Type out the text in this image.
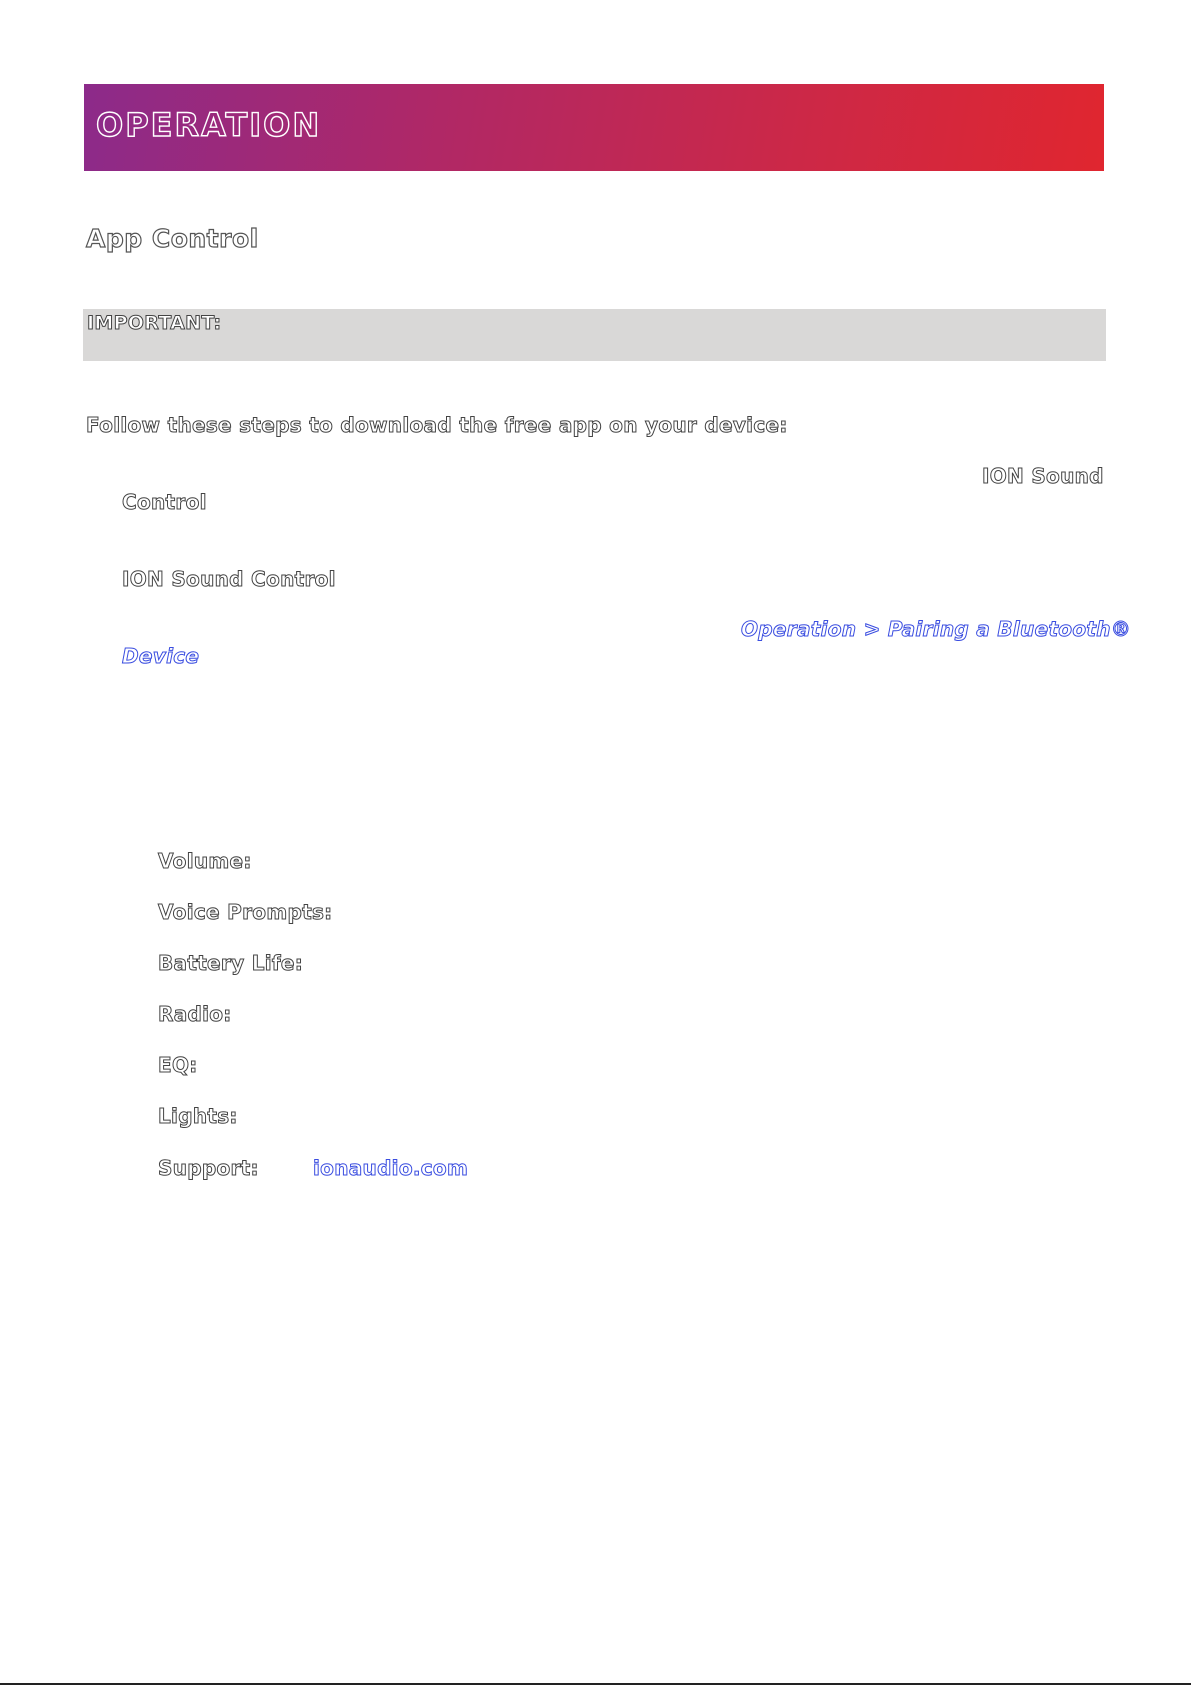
OPERATION
App Control
IMPORTANT:
Follow these steps to download the free app on your device:
ION Sound
Control
ION Sound Control
Operation > Pairing a Bluetooth®
Device
Volume:
Voice Prompts:
Battery Life:
Radio:
EQ:
Lights:
Support:	ionaudio.com
